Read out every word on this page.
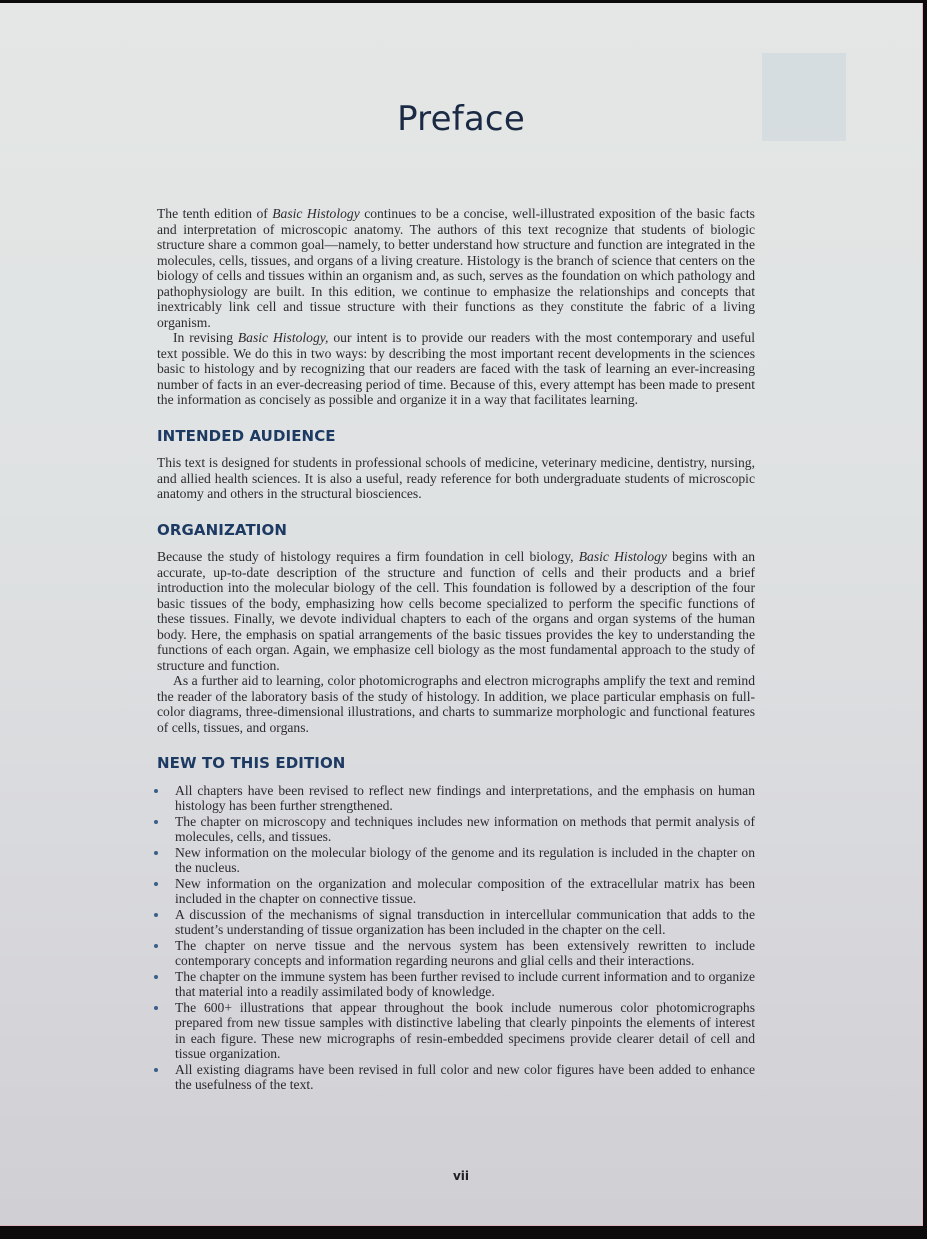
Preface

The tenth edition of Basic Histology continues to be a concise, well-illustrated exposition of the basic facts and interpretation of microscopic anatomy. The authors of this text recognize that students of biologic structure share a common goal—namely, to better understand how structure and function are integrated in the molecules, cells, tissues, and organs of a living creature. Histology is the branch of science that centers on the biology of cells and tissues within an organism and, as such, serves as the foundation on which pathology and pathophysiology are built. In this edition, we continue to emphasize the relationships and concepts that inextricably link cell and tissue structure with their functions as they constitute the fabric of a living organism.

In revising Basic Histology, our intent is to provide our readers with the most contemporary and useful text possible. We do this in two ways: by describing the most important recent developments in the sciences basic to histology and by recognizing that our readers are faced with the task of learning an ever-increasing number of facts in an ever-decreasing period of time. Because of this, every attempt has been made to present the information as concisely as possible and organize it in a way that facilitates learning.

INTENDED AUDIENCE

This text is designed for students in professional schools of medicine, veterinary medicine, dentistry, nursing, and allied health sciences. It is also a useful, ready reference for both undergraduate students of microscopic anatomy and others in the structural biosciences.

ORGANIZATION

Because the study of histology requires a firm foundation in cell biology, Basic Histology begins with an accurate, up-to-date description of the structure and function of cells and their products and a brief introduction into the molecular biology of the cell. This foundation is followed by a description of the four basic tissues of the body, emphasizing how cells become specialized to perform the specific functions of these tissues. Finally, we devote individual chapters to each of the organs and organ systems of the human body. Here, the emphasis on spatial arrangements of the basic tissues provides the key to understanding the functions of each organ. Again, we emphasize cell biology as the most fundamental approach to the study of structure and function.

As a further aid to learning, color photomicrographs and electron micrographs amplify the text and remind the reader of the laboratory basis of the study of histology. In addition, we place particular emphasis on full-color diagrams, three-dimensional illustrations, and charts to summarize morphologic and functional features of cells, tissues, and organs.

NEW TO THIS EDITION
All chapters have been revised to reflect new findings and interpretations, and the emphasis on human histology has been further strengthened.
The chapter on microscopy and techniques includes new information on methods that permit analysis of molecules, cells, and tissues.
New information on the molecular biology of the genome and its regulation is included in the chapter on the nucleus.
New information on the organization and molecular composition of the extracellular matrix has been included in the chapter on connective tissue.
A discussion of the mechanisms of signal transduction in intercellular communication that adds to the student’s understanding of tissue organization has been included in the chapter on the cell.
The chapter on nerve tissue and the nervous system has been extensively rewritten to include contemporary concepts and information regarding neurons and glial cells and their interactions.
The chapter on the immune system has been further revised to include current information and to organize that material into a readily assimilated body of knowledge.
The 600+ illustrations that appear throughout the book include numerous color photomicrographs prepared from new tissue samples with distinctive labeling that clearly pinpoints the elements of interest in each figure. These new micrographs of resin-embedded specimens provide clearer detail of cell and tissue organization.
All existing diagrams have been revised in full color and new color figures have been added to enhance the usefulness of the text.
vii
